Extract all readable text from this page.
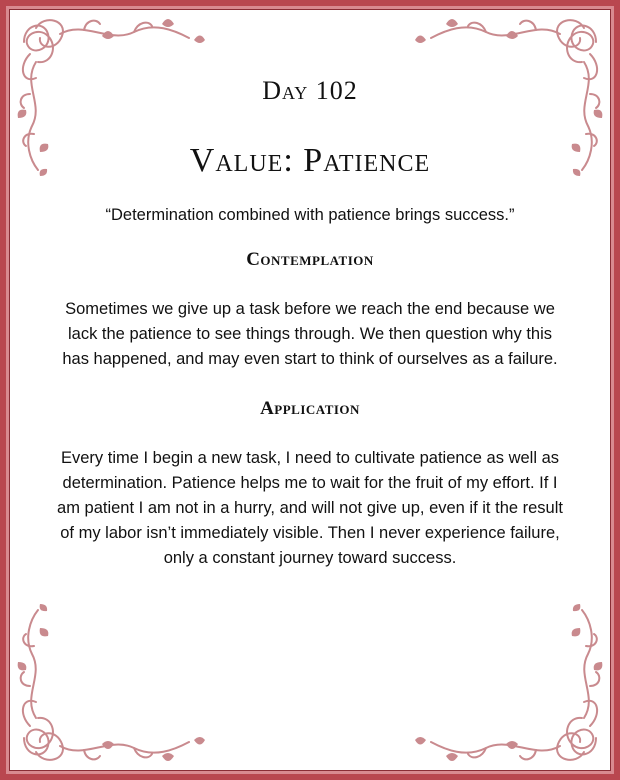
Day 102
Value: Patience
“Determination combined with patience brings success.”
Contemplation
Sometimes we give up a task before we reach the end because we lack the patience to see things through. We then question why this has happened, and may even start to think of ourselves as a failure.
Application
Every time I begin a new task, I need to cultivate patience as well as determination. Patience helps me to wait for the fruit of my effort. If I am patient I am not in a hurry, and will not give up, even if it the result of my labor isn’t immediately visible. Then I never experience failure, only a constant journey toward success.
